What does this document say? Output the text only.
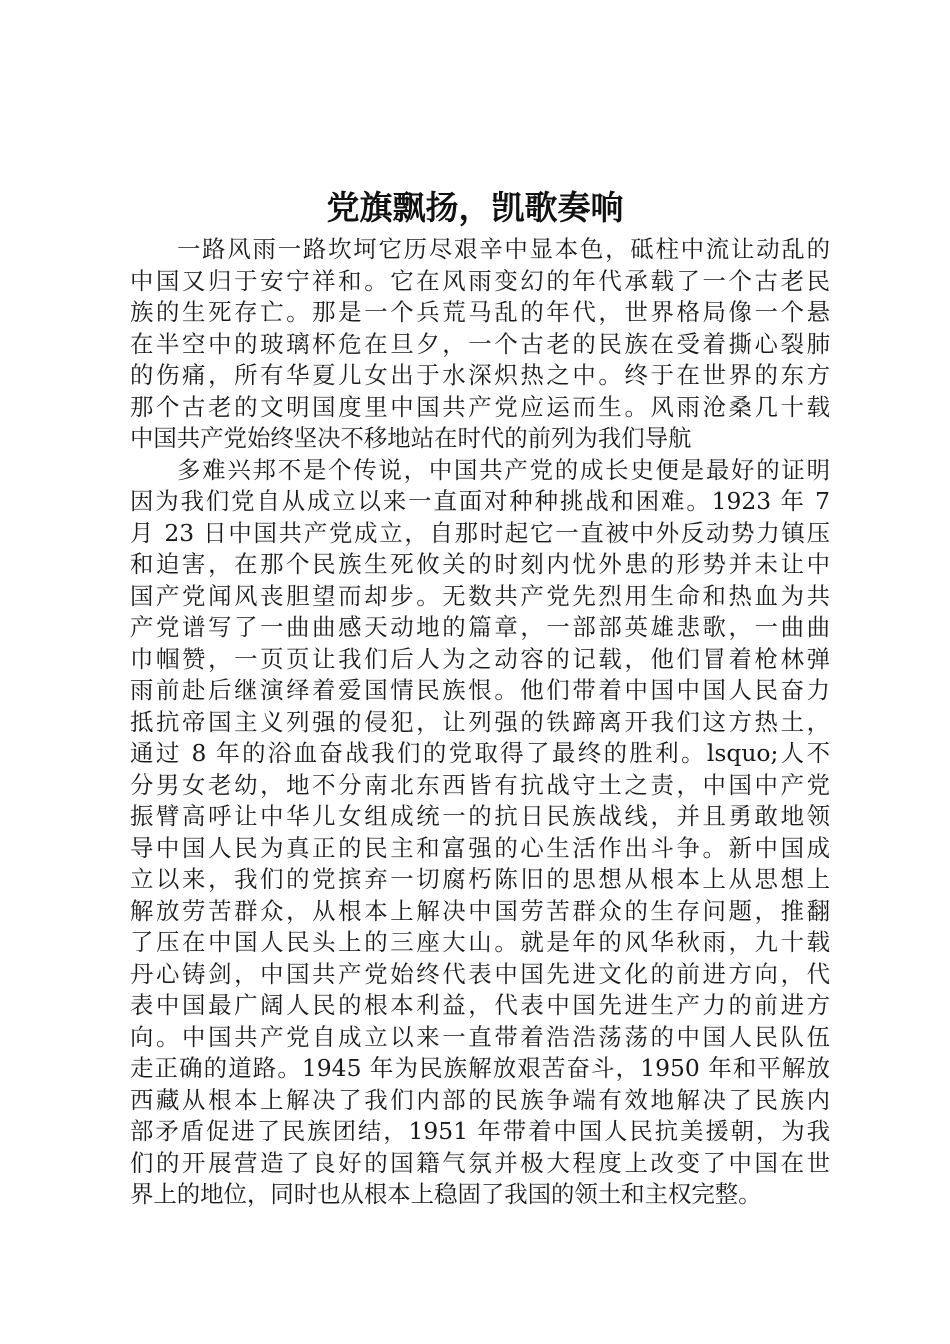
党旗飘扬，凯歌奏响

一路风雨一路坎坷它历尽艰辛中显本色，砥柱中流让动乱的
中国又归于安宁祥和。它在风雨变幻的年代承载了一个古老民
族的生死存亡。那是一个兵荒马乱的年代，世界格局像一个悬
在半空中的玻璃杯危在旦夕，一个古老的民族在受着撕心裂肺
的伤痛，所有华夏儿女出于水深炽热之中。终于在世界的东方
那个古老的文明国度里中国共产党应运而生。风雨沧桑几十载
中国共产党始终坚决不移地站在时代的前列为我们导航

多难兴邦不是个传说，中国共产党的成长史便是最好的证明
因为我们党自从成立以来一直面对种种挑战和困难。1923 年 7
月 23 日中国共产党成立，自那时起它一直被中外反动势力镇压
和迫害，在那个民族生死攸关的时刻内忧外患的形势并未让中
国产党闻风丧胆望而却步。无数共产党先烈用生命和热血为共
产党谱写了一曲曲感天动地的篇章，一部部英雄悲歌，一曲曲
巾帼赞，一页页让我们后人为之动容的记载，他们冒着枪林弹
雨前赴后继演绎着爱国情民族恨。他们带着中国中国人民奋力
抵抗帝国主义列强的侵犯，让列强的铁蹄离开我们这方热土，
通过 8 年的浴血奋战我们的党取得了最终的胜利。lsquo;人不
分男女老幼，地不分南北东西皆有抗战守土之责，中国中产党
振臂高呼让中华儿女组成统一的抗日民族战线，并且勇敢地领
导中国人民为真正的民主和富强的心生活作出斗争。新中国成
立以来，我们的党摈弃一切腐朽陈旧的思想从根本上从思想上
解放劳苦群众，从根本上解决中国劳苦群众的生存问题，推翻
了压在中国人民头上的三座大山。就是年的风华秋雨，九十载
丹心铸剑，中国共产党始终代表中国先进文化的前进方向，代
表中国最广阔人民的根本利益，代表中国先进生产力的前进方
向。中国共产党自成立以来一直带着浩浩荡荡的中国人民队伍
走正确的道路。1945 年为民族解放艰苦奋斗，1950 年和平解放
西藏从根本上解决了我们内部的民族争端有效地解决了民族内
部矛盾促进了民族团结，1951 年带着中国人民抗美援朝，为我
们的开展营造了良好的国籍气氛并极大程度上改变了中国在世
界上的地位，同时也从根本上稳固了我国的领土和主权完整。
